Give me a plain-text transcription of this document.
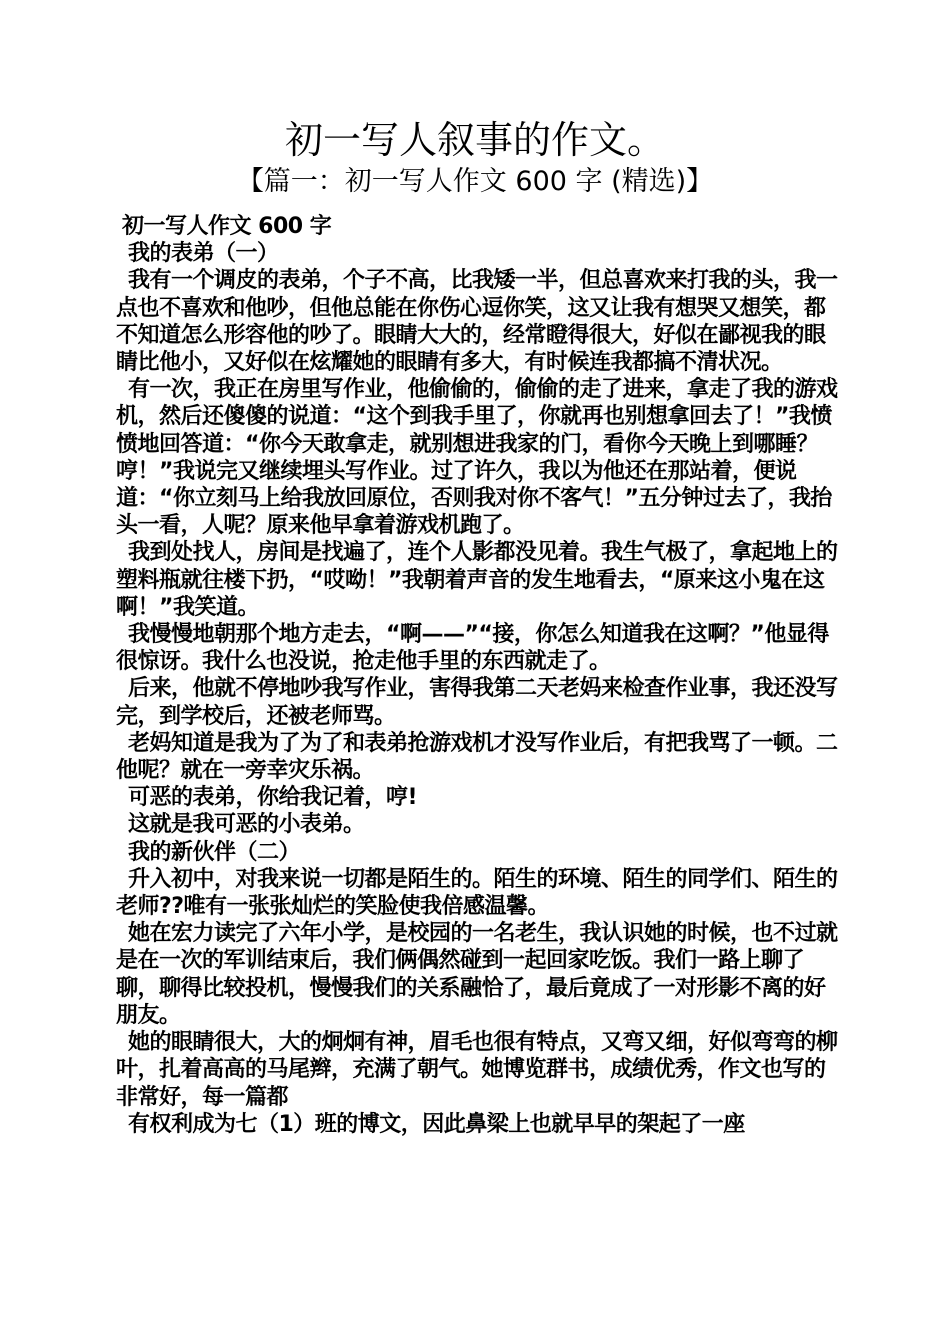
初一写人叙事的作文。
【篇一：初一写人作文 600 字 (精选)】

初一写人作文 600 字

我的表弟（一）

我有一个调皮的表弟，个子不高，比我矮一半，但总喜欢来打我的头，我一点也不喜欢和他吵，但他总能在你伤心逗你笑，这又让我有想哭又想笑，都不知道怎么形容他的吵了。眼睛大大的，经常瞪得很大，好似在鄙视我的眼睛比他小，又好似在炫耀她的眼睛有多大，有时候连我都搞不清状况。

有一次，我正在房里写作业，他偷偷的，偷偷的走了进来，拿走了我的游戏机，然后还傻傻的说道：“这个到我手里了，你就再也别想拿回去了！”我愤愤地回答道：“你今天敢拿走，就别想进我家的门，看你今天晚上到哪睡？哼！”我说完又继续埋头写作业。过了许久，我以为他还在那站着，便说道：“你立刻马上给我放回原位，否则我对你不客气！”五分钟过去了，我抬头一看，人呢？原来他早拿着游戏机跑了。

我到处找人，房间是找遍了，连个人影都没见着。我生气极了，拿起地上的塑料瓶就往楼下扔，“哎呦！”我朝着声音的发生地看去，“原来这小鬼在这啊！”我笑道。

我慢慢地朝那个地方走去，“啊——”“接，你怎么知道我在这啊？”他显得很惊讶。我什么也没说，抢走他手里的东西就走了。

后来，他就不停地吵我写作业，害得我第二天老妈来检查作业事，我还没写完，到学校后，还被老师骂。

老妈知道是我为了为了和表弟抢游戏机才没写作业后，有把我骂了一顿。二他呢？就在一旁幸灾乐祸。

可恶的表弟，你给我记着，哼!

这就是我可恶的小表弟。

我的新伙伴（二）

升入初中，对我来说一切都是陌生的。陌生的环境、陌生的同学们、陌生的老师??唯有一张张灿烂的笑脸使我倍感温馨。

她在宏力读完了六年小学，是校园的一名老生，我认识她的时候，也不过就是在一次的军训结束后，我们俩偶然碰到一起回家吃饭。我们一路上聊了聊，聊得比较投机，慢慢我们的关系融恰了，最后竟成了一对形影不离的好朋友。

她的眼睛很大，大的炯炯有神，眉毛也很有特点，又弯又细，好似弯弯的柳叶，扎着高高的马尾辫，充满了朝气。她博览群书，成绩优秀，作文也写的非常好，每一篇都

有权利成为七（1）班的博文，因此鼻梁上也就早早的架起了一座
